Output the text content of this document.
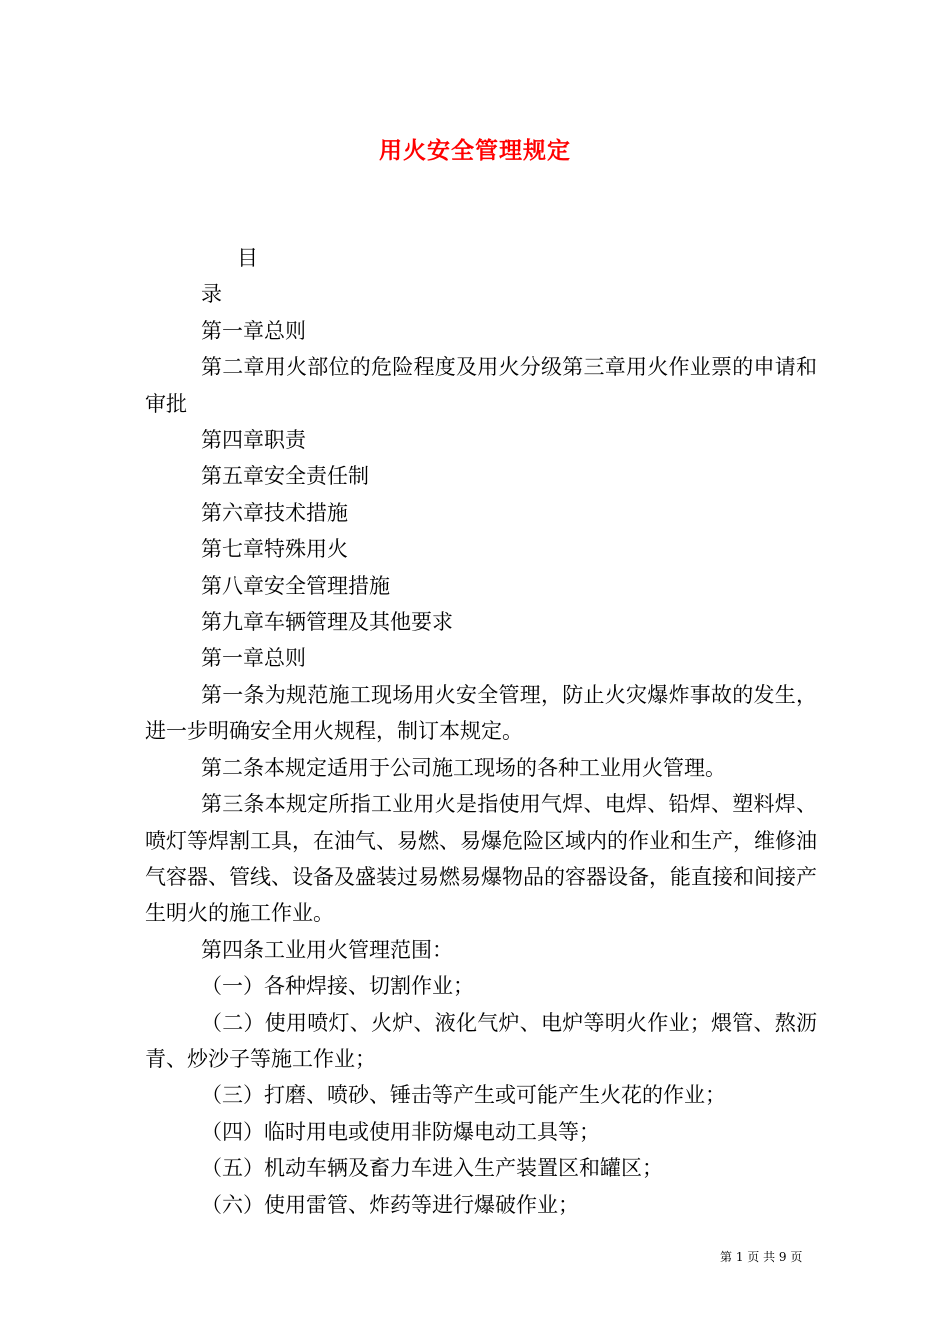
用火安全管理规定

目

录

第一章总则

第二章用火部位的危险程度及用火分级第三章用火作业票的申请和审批

第四章职责

第五章安全责任制

第六章技术措施

第七章特殊用火

第八章安全管理措施

第九章车辆管理及其他要求

第一章总则

第一条为规范施工现场用火安全管理，防止火灾爆炸事故的发生，进一步明确安全用火规程，制订本规定。

第二条本规定适用于公司施工现场的各种工业用火管理。

第三条本规定所指工业用火是指使用气焊、电焊、铅焊、塑料焊、喷灯等焊割工具，在油气、易燃、易爆危险区域内的作业和生产，维修油气容器、管线、设备及盛装过易燃易爆物品的容器设备，能直接和间接产生明火的施工作业。

第四条工业用火管理范围：

（一）各种焊接、切割作业；

（二）使用喷灯、火炉、液化气炉、电炉等明火作业；煨管、熬沥青、炒沙子等施工作业；

（三）打磨、喷砂、锤击等产生或可能产生火花的作业；

（四）临时用电或使用非防爆电动工具等；

（五）机动车辆及畜力车进入生产装置区和罐区；

（六）使用雷管、炸药等进行爆破作业；

第 1 页 共 9 页
